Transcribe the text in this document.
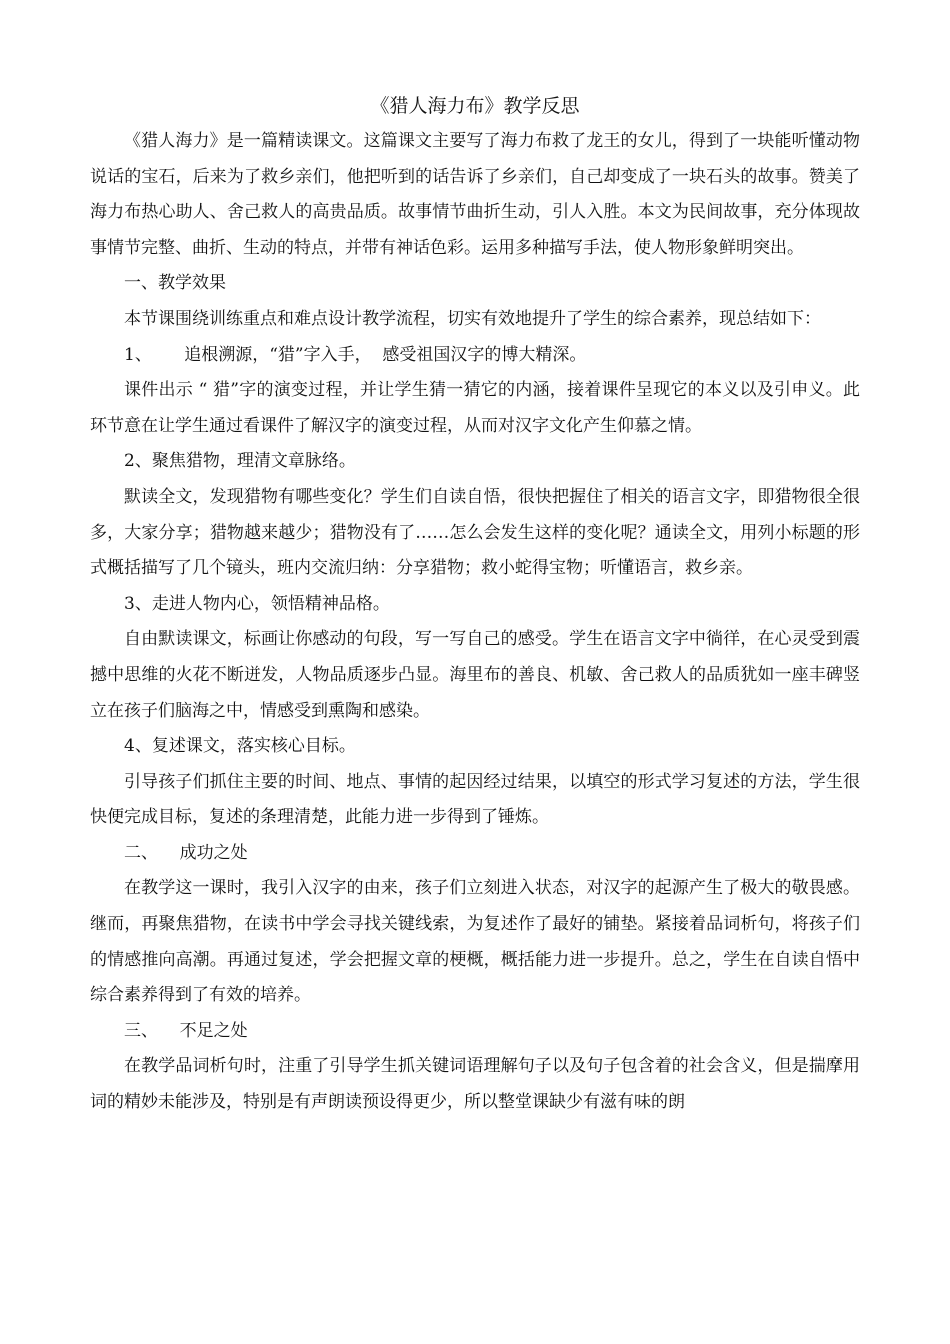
《猎人海力布》教学反思

《猎人海力》是一篇精读课文。这篇课文主要写了海力布救了龙王的女儿，得到了一块能听懂动物说话的宝石，后来为了救乡亲们，他把听到的话告诉了乡亲们，自己却变成了一块石头的故事。赞美了海力布热心助人、舍己救人的高贵品质。故事情节曲折生动，引人入胜。本文为民间故事，充分体现故事情节完整、曲折、生动的特点，并带有神话色彩。运用多种描写手法，使人物形象鲜明突出。

一、教学效果

本节课围绕训练重点和难点设计教学流程，切实有效地提升了学生的综合素养，现总结如下：

1、      追根溯源，“猎”字入手，  感受祖国汉字的博大精深。

课件出示 “ 猎”字的演变过程，并让学生猜一猜它的内涵，接着课件呈现它的本义以及引申义。此环节意在让学生通过看课件了解汉字的演变过程，从而对汉字文化产生仰慕之情。

2、聚焦猎物，理清文章脉络。

默读全文，发现猎物有哪些变化？学生们自读自悟，很快把握住了相关的语言文字，即猎物很全很多，大家分享；猎物越来越少；猎物没有了……怎么会发生这样的变化呢？通读全文，用列小标题的形式概括描写了几个镜头，班内交流归纳：分享猎物；救小蛇得宝物；听懂语言，救乡亲。

3、走进人物内心，领悟精神品格。

自由默读课文，标画让你感动的句段，写一写自己的感受。学生在语言文字中徜徉，在心灵受到震撼中思维的火花不断迸发，人物品质逐步凸显。海里布的善良、机敏、舍己救人的品质犹如一座丰碑竖立在孩子们脑海之中，情感受到熏陶和感染。

4、复述课文，落实核心目标。

引导孩子们抓住主要的时间、地点、事情的起因经过结果，以填空的形式学习复述的方法，学生很快便完成目标，复述的条理清楚，此能力进一步得到了锤炼。

二、    成功之处

在教学这一课时，我引入汉字的由来，孩子们立刻进入状态，对汉字的起源产生了极大的敬畏感。继而，再聚焦猎物，在读书中学会寻找关键线索，为复述作了最好的铺垫。紧接着品词析句，将孩子们的情感推向高潮。再通过复述，学会把握文章的梗概，概括能力进一步提升。总之，学生在自读自悟中综合素养得到了有效的培养。

三、    不足之处

在教学品词析句时，注重了引导学生抓关键词语理解句子以及句子包含着的社会含义，但是揣摩用词的精妙未能涉及，特别是有声朗读预设得更少，所以整堂课缺少有滋有味的朗
